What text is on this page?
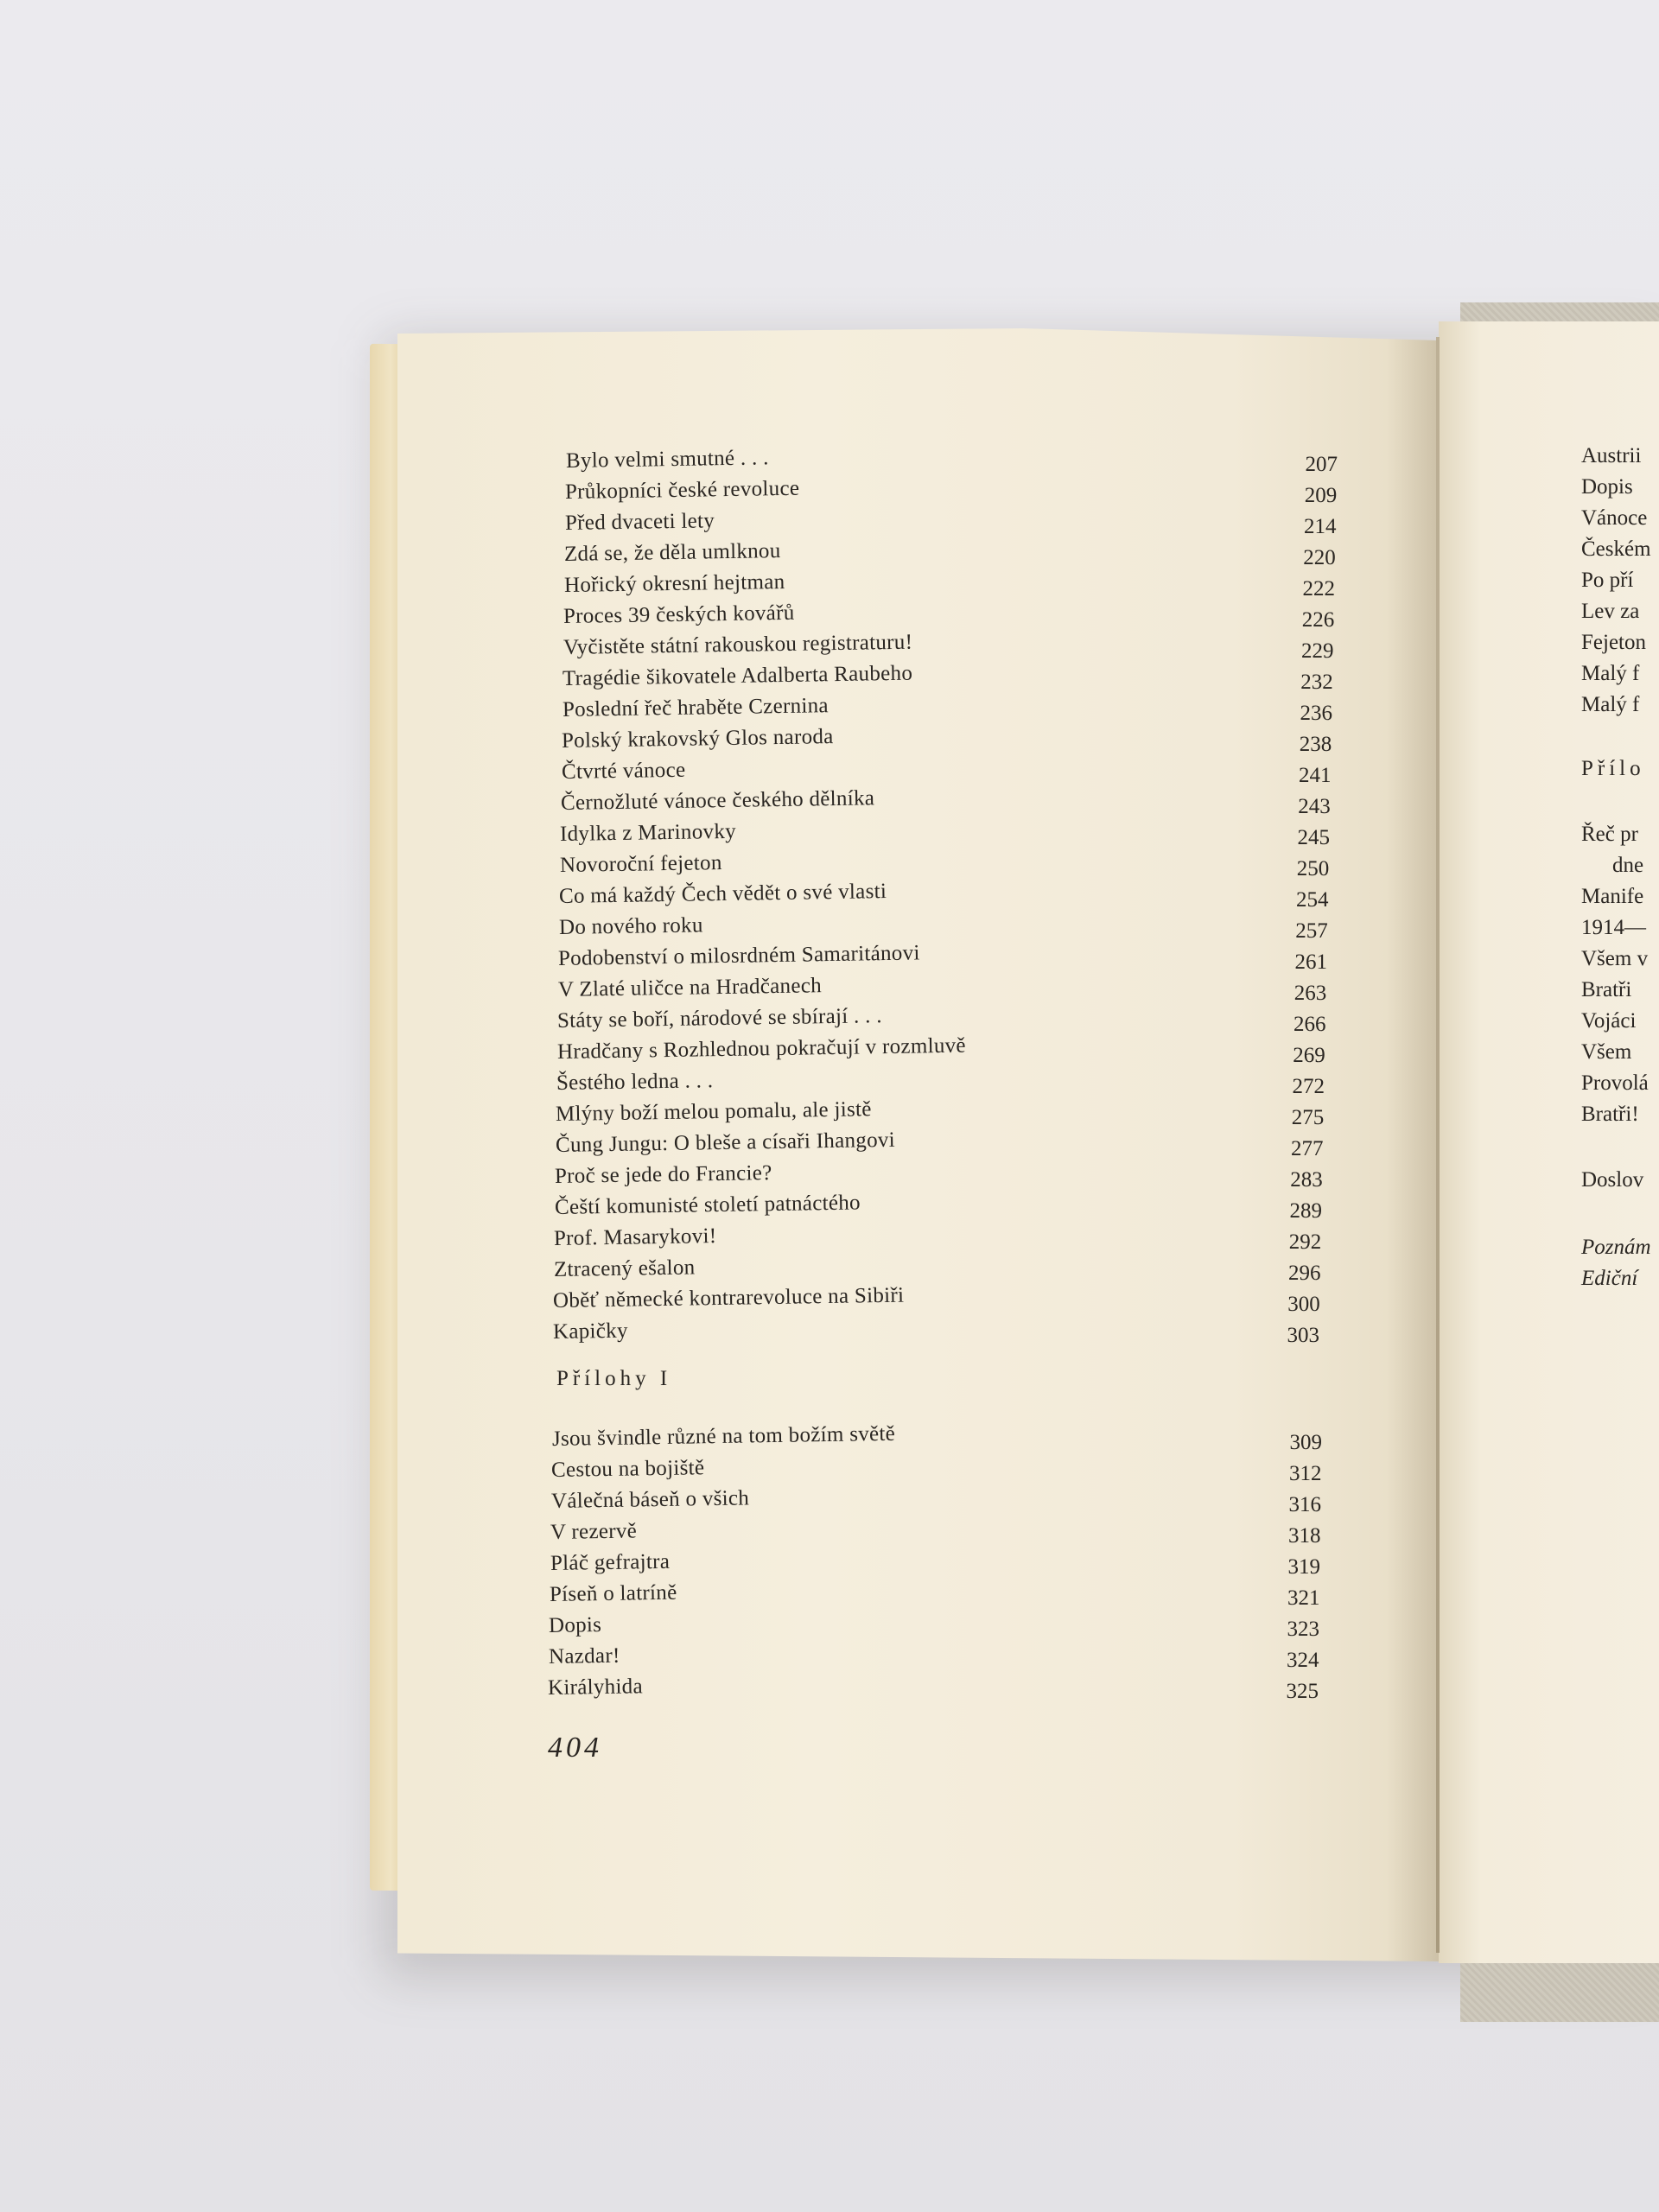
Bylo velmi smutné . . .	207
Průkopníci české revoluce	209
Před dvaceti lety	214
Zdá se, že děla umlknou	220
Hořický okresní hejtman	222
Proces 39 českých kovářů	226
Vyčistěte státní rakouskou registraturu!	229
Tragédie šikovatele Adalberta Raubeho	232
Poslední řeč hraběte Czernina	236
Polský krakovský Glos naroda	238
Čtvrté vánoce	241
Černožluté vánoce českého dělníka	243
Idylka z Marinovky	245
Novoroční fejeton	250
Co má každý Čech vědět o své vlasti	254
Do nového roku	257
Podobenství o milosrdném Samaritánovi	261
V Zlaté uličce na Hradčanech	263
Státy se boří, národové se sbírají . . .	266
Hradčany s Rozhlednou pokračují v rozmluvě	269
Šestého ledna . . .	272
Mlýny boží melou pomalu, ale jistě	275
Čung Jungu: O bleše a císaři Ihangovi	277
Proč se jede do Francie?	283
Čeští komunisté století patnáctého	289
Prof. Masarykovi!	292
Ztracený ešalon	296
Oběť německé kontrarevoluce na Sibiři	300
Kapičky	303
Jsou švindle různé na tom božím světě	309
Cestou na bojiště	312
Válečná báseň o všich	316
V rezervě	318
Pláč gefrajtra	319
Píseň o latríně	321
Dopis	323
Nazdar!	324
Királyhida	325
Přílohy I
404
Austrii
Dopis
Vánoce
Českém
Po pří
Lev za
Fejeton
Malý f
Malý f
Přílo
Řeč pr
dne
Manife
1914—
Všem v
Bratři
Vojáci
Všem
Provolá
Bratři!
Doslov
Poznám
Ediční
